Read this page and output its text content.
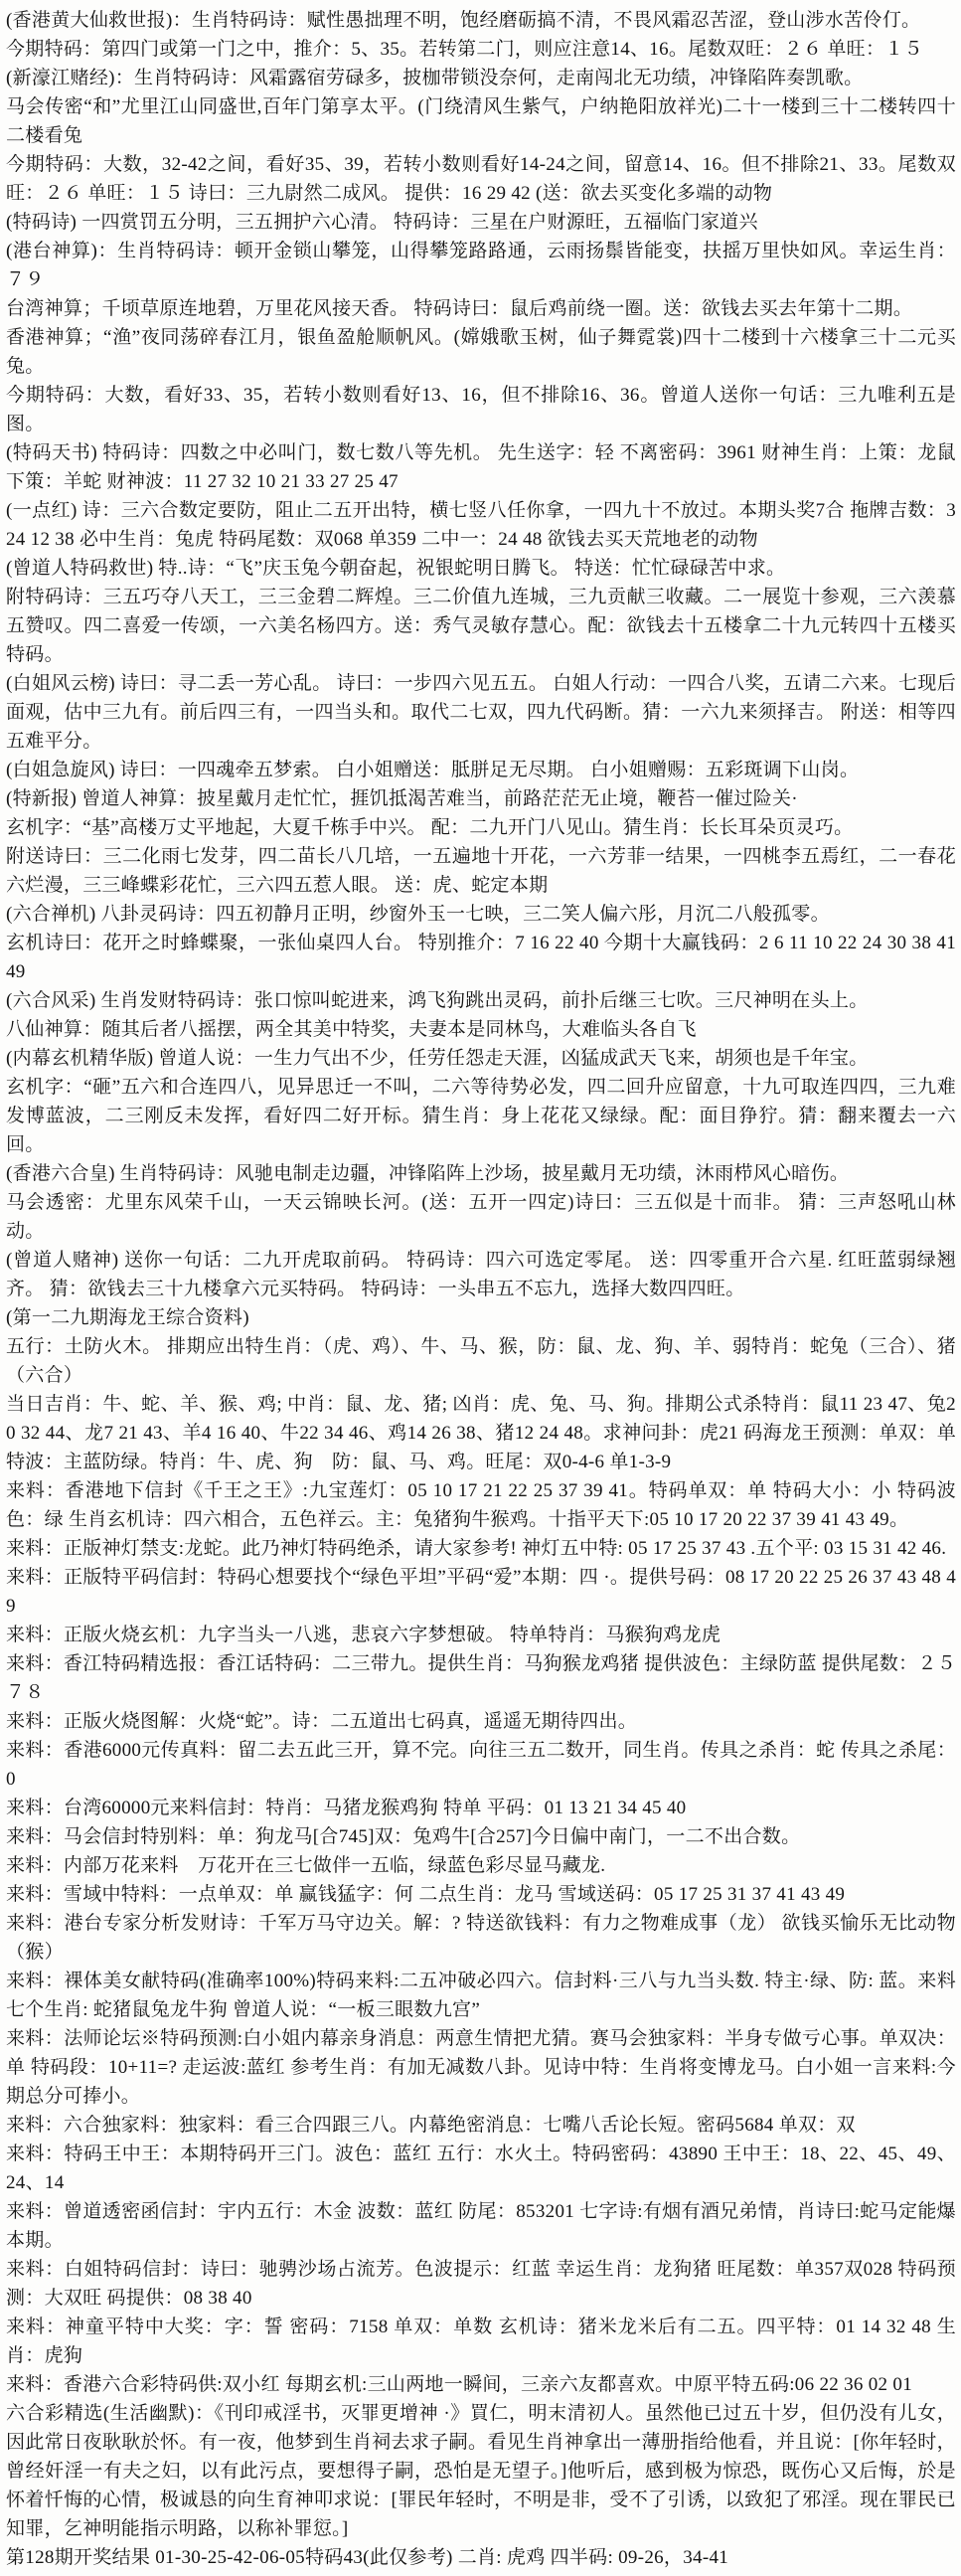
(香港黄大仙救世报)：生肖特码诗：赋性愚拙理不明，饱经磨砺搞不清，不畏风霜忍苦涩，登山涉水苦伶仃。

今期特码：第四门或第一门之中，推介：5、35。若转第二门，则应注意14、16。尾数双旺：２６ 单旺：１５

(新濠江赌经)：生肖特码诗：风霜露宿劳碌多，披枷带锁没奈何，走南闯北无功绩，冲锋陷阵奏凯歌。

马会传密“和”尤里江山同盛世,百年门第享太平。(门绕清风生紫气，户纳艳阳放祥光)二十一楼到三十二楼转四十二楼看兔

今期特码：大数，32-42之间，看好35、39，若转小数则看好14-24之间，留意14、16。但不排除21、33。尾数双旺：２６ 单旺：１５ 诗曰：三九尉然二成风。 提供：16 29 42 (送：欲去买变化多端的动物

(特码诗) 一四赏罚五分明，三五拥护六心清。 特码诗：三星在户财源旺，五福临门家道兴

(港台神算)：生肖特码诗：顿开金锁山攀笼，山得攀笼路路通，云雨扬鬃皆能变，扶摇万里快如风。幸运生肖：７９

台湾神算；千顷草原连地碧，万里花风接天香。 特码诗曰：鼠后鸡前绕一圈。送：欲钱去买去年第十二期。

香港神算；“渔”夜同荡碎春江月，银鱼盈舱顺帆风。(嫦娥歌玉树，仙子舞霓裳)四十二楼到十六楼拿三十二元买兔。

今期特码：大数，看好33、35，若转小数则看好13、16，但不排除16、36。曾道人送你一句话：三九唯利五是图。

(特码天书) 特码诗：四数之中必叫门，数七数八等先机。 先生送字：轻 不离密码：3961 财神生肖：上策：龙鼠 下策：羊蛇 财神波：11 27 32 10 21 33 27 25 47

(一点红) 诗：三六合数定要防，阻止二五开出特，横七竖八任你拿，一四九十不放过。本期头奖7合 拖牌吉数：3 24 12 38 必中生肖：兔虎 特码尾数：双068 单359 二中一：24 48 欲钱去买天荒地老的动物

(曾道人特码救世) 特..诗：“飞”庆玉兔今朝奋起，祝银蛇明日腾飞。 特送：忙忙碌碌苦中求。

附特码诗：三五巧夺八天工，三三金碧二辉煌。三二价值九连城，三九贡献三收藏。二一展览十参观，三六羡慕五赞叹。四二喜爱一传颂，一六美名杨四方。送：秀气灵敏存慧心。配：欲钱去十五楼拿二十九元转四十五楼买特码。

(白姐风云榜) 诗曰：寻二丢一芳心乱。 诗曰：一步四六见五五。 白姐人行动：一四合八奖，五请二六来。七现后面观，估中三九有。前后四三有，一四当头和。取代二七双，四九代码断。猜：一六九来须择吉。 附送：相等四五难平分。

(白姐急旋风) 诗曰：一四魂牵五梦索。 白小姐赠送：胝胼足无尽期。 白小姐赠赐：五彩斑调下山岗。

(特新报) 曾道人神算：披星戴月走忙忙，捱饥抵渴苦难当，前路茫茫无止境，鞭苔一催过险关·

玄机字：“基”高楼万丈平地起，大夏千栋手中兴。 配：二九开门八见山。猜生肖：长长耳朵页灵巧。

附送诗曰：三二化雨七发芽，四二苗长八几培，一五遍地十开花，一六芳菲一结果，一四桃李五焉红，二一春花六烂漫，三三峰蝶彩花忙，三六四五惹人眼。 送：虎、蛇定本期

(六合禅机) 八卦灵码诗：四五初静月正明，纱窗外玉一七映，三二笑人偏六彤，月沉二八般孤零。

玄机诗曰：花开之时蜂蝶聚，一张仙桌四人台。 特别推介：7 16 22 40 今期十大赢钱码：2 6 11 10 22 24 30 38 41 49

(六合风采) 生肖发财特码诗：张口惊叫蛇进来，鸿飞狗跳出灵码，前扑后继三七吹。三尺神明在头上。

八仙神算：随其后者八摇摆，两全其美中特奖，夫妻本是同林鸟，大难临头各自飞

(内幕玄机精华版) 曾道人说：一生力气出不少，任劳任怨走天涯，凶猛成武天飞来，胡须也是千年宝。

玄机字：“砸”五六和合连四八，见异思迁一不叫，二六等待势必发，四二回升应留意，十九可取连四四，三九难发博蓝波，二三刚反未发挥，看好四二好开标。猜生肖：身上花花又绿绿。配：面目狰狞。猜：翻来覆去一六回。

(香港六合皇) 生肖特码诗：风驰电制走边疆，冲锋陷阵上沙场，披星戴月无功绩，沐雨栉风心暗伤。

马会透密：尤里东风荣千山，一天云锦映长河。(送：五开一四定)诗曰：三五似是十而非。 猜：三声怒吼山林动。

(曾道人赌神) 送你一句话：二九开虎取前码。 特码诗：四六可选定零尾。 送：四零重开合六星. 红旺蓝弱绿翘齐。 猜：欲钱去三十九楼拿六元买特码。 特码诗：一头串五不忘九，选择大数四四旺。

(第一二九期海龙王综合资料)

五行：土防火木。 排期应出特生肖：（虎、鸡）、牛、马、猴，防：鼠、龙、狗、羊、弱特肖：蛇兔（三合）、猪（六合）

当日吉肖：牛、蛇、羊、猴、鸡; 中肖：鼠、龙、猪; 凶肖：虎、兔、马、狗。排期公式杀特肖：鼠11 23 47、兔20 32 44、龙7 21 43、羊4 16 40、牛22 34 46、鸡14 26 38、猪12 24 48。求神问卦：虎21 码海龙王预测：单双：单 特波：主蓝防绿。特肖：牛、虎、狗　防：鼠、马、鸡。旺尾：双0-4-6 单1-3-9

来料：香港地下信封《千王之王》:九宝莲灯：05 10 17 21 22 25 37 39 41。特码单双：单 特码大小：小 特码波色：绿 生肖玄机诗：四六相合，五色祥云。主：兔猪狗牛猴鸡。十指平天下:05 10 17 20 22 37 39 41 43 49。

来料：正版神灯禁支:龙蛇。此乃神灯特码绝杀，请大家参考! 神灯五中特: 05 17 25 37 43 .五个平: 03 15 31 42 46.

来料：正版特平码信封：特码心想要找个“绿色平坦”平码“爱”本期：四 ·。提供号码：08 17 20 22 25 26 37 43 48 49

来料：正版火烧玄机：九字当头一八逃，悲哀六字梦想破。 特单特肖：马猴狗鸡龙虎

来料：香江特码精选报：香江话特码：二三带九。提供生肖：马狗猴龙鸡猪 提供波色：主绿防蓝 提供尾数：２５７８

来料：正版火烧图解：火烧“蛇”。诗：二五道出七码真，遥遥无期待四出。

来料：香港6000元传真料：留二去五此三开，算不完。向往三五二数开，同生肖。传具之杀肖：蛇 传具之杀尾：0

来料：台湾60000元来料信封：特肖：马猪龙猴鸡狗 特单 平码：01 13 21 34 45 40

来料：马会信封特别料：单：狗龙马[合745]双：兔鸡牛[合257]今日偏中南门，一二不出合数。

来料：内部万花来料　万花开在三七做伴一五临，绿蓝色彩尽显马藏龙.

来料：雪域中特料：一点单双：单 赢钱猛字：何 二点生肖：龙马 雪域送码：05 17 25 31 37 41 43 49

来料：港台专家分析发财诗：千军万马守边关。解：? 特送欲钱料：有力之物难成事（龙） 欲钱买愉乐无比动物（猴）

来料：裸体美女献特码(准确率100%)特码来料:二五冲破必四六。信封料·三八与九当头数. 特主·绿、防: 蓝。来料七个生肖: 蛇猪鼠兔龙牛狗 曾道人说：“一板三眼数九宫”

来料：法师论坛※特码预测:白小姐内幕亲身消息：两意生情把尤猜。赛马会独家料：半身专做亏心事。单双决：单 特码段：10+11=? 走运波:蓝红 参考生肖：有加无减数八卦。见诗中特：生肖将变博龙马。白小姐一言来料:今期总分可捧小。

来料：六合独家料：独家料：看三合四跟三八。内幕绝密消息：七嘴八舌论长短。密码5684 单双：双

来料：特码王中王：本期特码开三门。波色：蓝红 五行：水火土。特码密码：43890 王中王：18、22、45、49、24、14

来料：曾道透密函信封：宇内五行：木金 波数：蓝红 防尾：853201 七字诗:有烟有酒兄弟情，肖诗曰:蛇马定能爆本期。

来料：白姐特码信封：诗曰：驰骋沙场占流芳。色波提示：红蓝 幸运生肖：龙狗猪 旺尾数：单357双028 特码预测：大双旺 码提供：08 38 40

来料：神童平特中大奖：字：誓 密码：7158 单双：单数 玄机诗：猪米龙米后有二五。四平特：01 14 32 48 生肖：虎狗

来料：香港六合彩特码供:双小红 每期玄机:三山两地一瞬间，三亲六友都喜欢。中原平特五码:06 22 36 02 01

六合彩精选(生活幽默)：《刊印戒淫书，灭罪更增神 ·》買仁，明末清初人。虽然他已过五十岁，但仍没有儿女，因此常日夜耿耿於怀。有一夜，他梦到生肖祠去求子嗣。看见生肖神拿出一薄册指给他看，并且说：[你年轻时，曾经奸淫一有夫之妇，以有此污点，要想得子嗣，恐怕是无望子。]他听后，感到极为惊恐，既伤心又后悔，於是怀着忏悔的心情，极诚恳的向生育神叩求说：[罪民年轻时，不明是非，受不了引诱，以致犯了邪淫。现在罪民已知罪，乞神明能指示明路，以称补罪愆。]

第128期开奖结果 01-30-25-42-06-05特码43(此仅参考) 二肖: 虎鸡 四半码: 09-26，34-41
